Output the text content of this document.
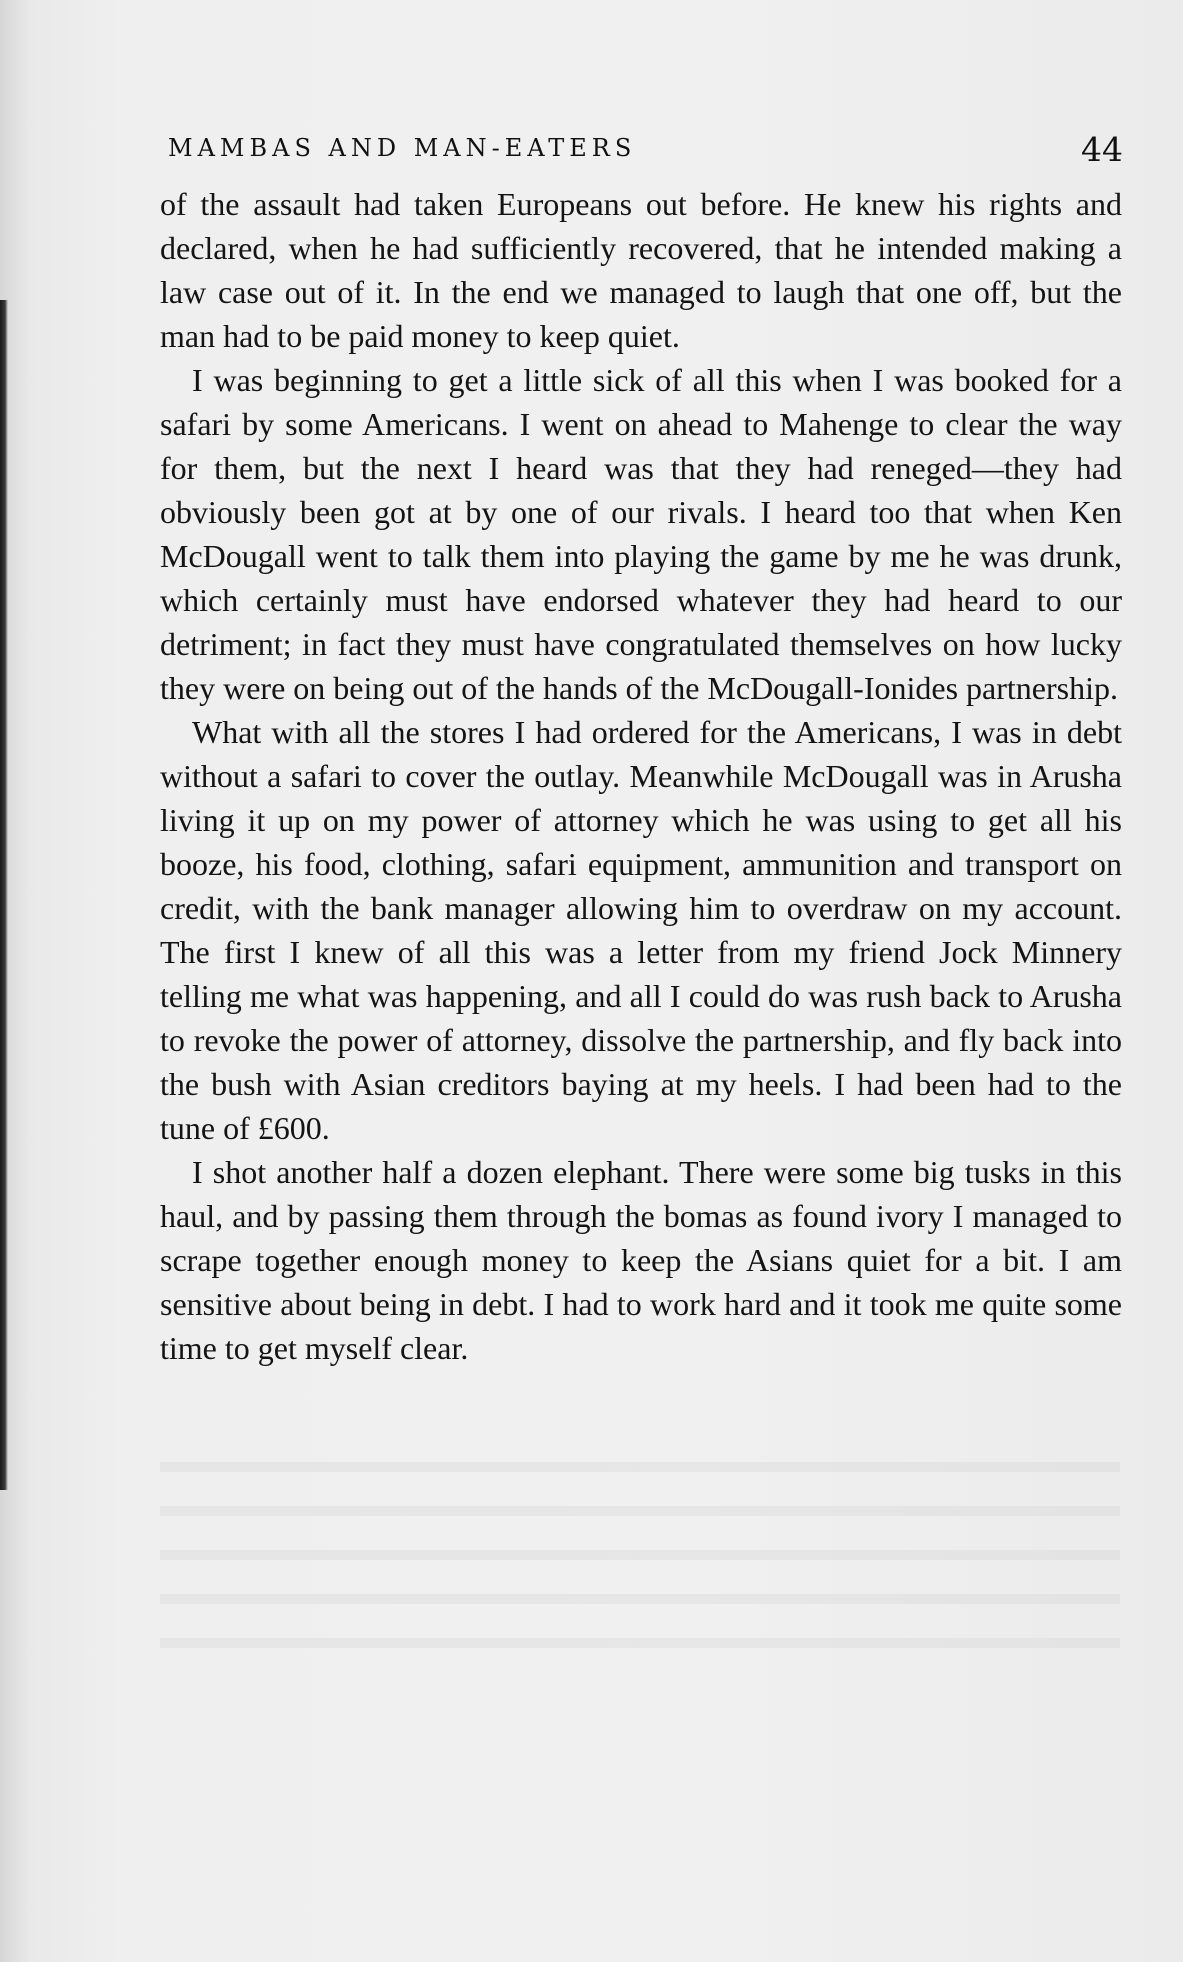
MAMBAS AND MAN-EATERS	44

of the assault had taken Europeans out before. He knew his rights and declared, when he had sufficiently recovered, that he intended making a law case out of it. In the end we managed to laugh that one off, but the man had to be paid money to keep quiet.

I was beginning to get a little sick of all this when I was booked for a safari by some Americans. I went on ahead to Mahenge to clear the way for them, but the next I heard was that they had reneged—they had obviously been got at by one of our rivals. I heard too that when Ken McDougall went to talk them into playing the game by me he was drunk, which certainly must have endorsed whatever they had heard to our detriment; in fact they must have congratulated themselves on how lucky they were on being out of the hands of the McDougall-Ionides partnership.

What with all the stores I had ordered for the Americans, I was in debt without a safari to cover the outlay. Meanwhile McDougall was in Arusha living it up on my power of attorney which he was using to get all his booze, his food, clothing, safari equipment, ammunition and transport on credit, with the bank manager allowing him to overdraw on my account. The first I knew of all this was a letter from my friend Jock Minnery telling me what was happening, and all I could do was rush back to Arusha to revoke the power of attorney, dissolve the partnership, and fly back into the bush with Asian creditors baying at my heels. I had been had to the tune of £600.

I shot another half a dozen elephant. There were some big tusks in this haul, and by passing them through the bomas as found ivory I managed to scrape together enough money to keep the Asians quiet for a bit. I am sensitive about being in debt. I had to work hard and it took me quite some time to get myself clear.
